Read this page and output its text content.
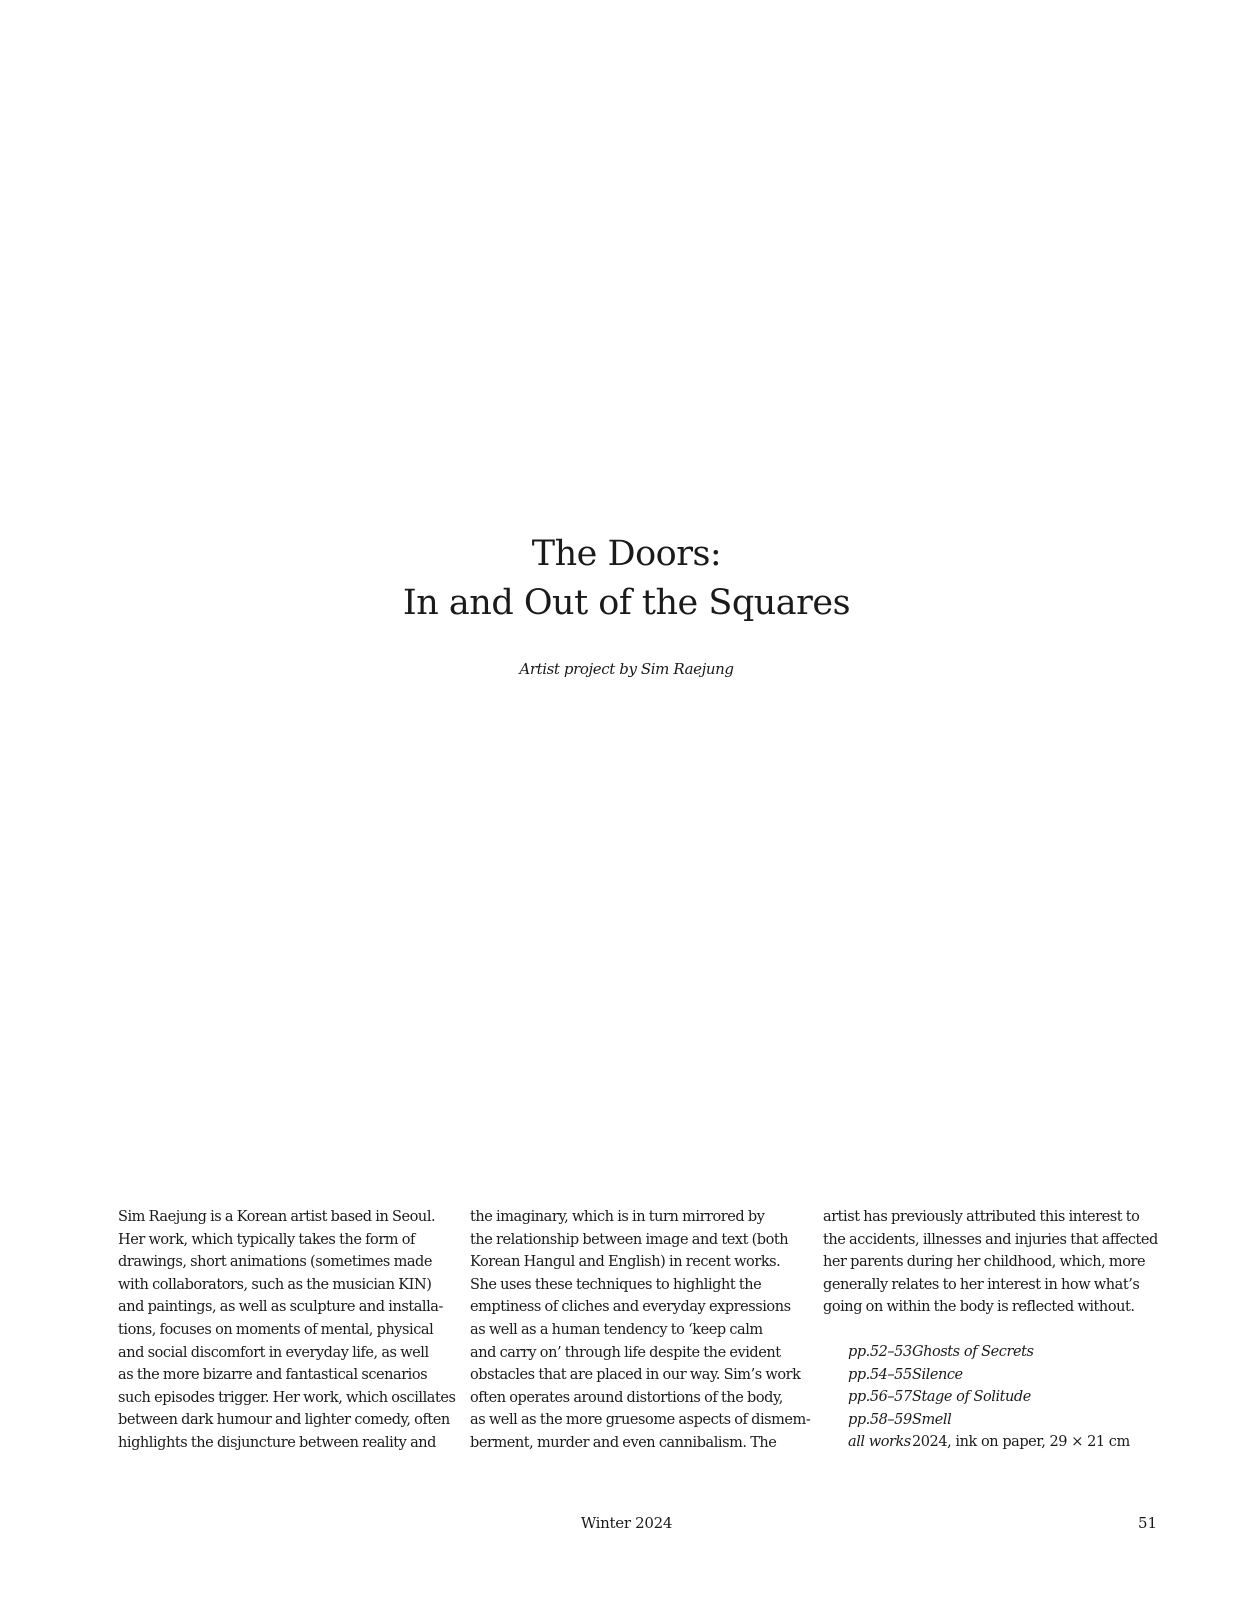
The Doors:
In and Out of the Squares
Artist project by Sim Raejung
Sim Raejung is a Korean artist based in Seoul.
Her work, which typically takes the form of
drawings, short animations (sometimes made
with collaborators, such as the musician KIN)
and paintings, as well as sculpture and installa-
tions, focuses on moments of mental, physical
and social discomfort in everyday life, as well
as the more bizarre and fantastical scenarios
such episodes trigger. Her work, which oscillates
between dark humour and lighter comedy, often
highlights the disjuncture between reality and
the imaginary, which is in turn mirrored by
the relationship between image and text (both
Korean Hangul and English) in recent works.
She uses these techniques to highlight the
emptiness of cliches and everyday expressions
as well as a human tendency to ‘keep calm
and carry on’ through life despite the evident
obstacles that are placed in our way. Sim’s work
often operates around distortions of the body,
as well as the more gruesome aspects of dismem-
berment, murder and even cannibalism. The
artist has previously attributed this interest to
the accidents, illnesses and injuries that affected
her parents during her childhood, which, more
generally relates to her interest in how what’s
going on within the body is reflected without.
pp.52–53 Ghosts of Secrets
pp.54–55 Silence
pp.56–57 Stage of Solitude
pp.58–59 Smell
all works 2024, ink on paper, 29 × 21 cm
Winter 2024	51
